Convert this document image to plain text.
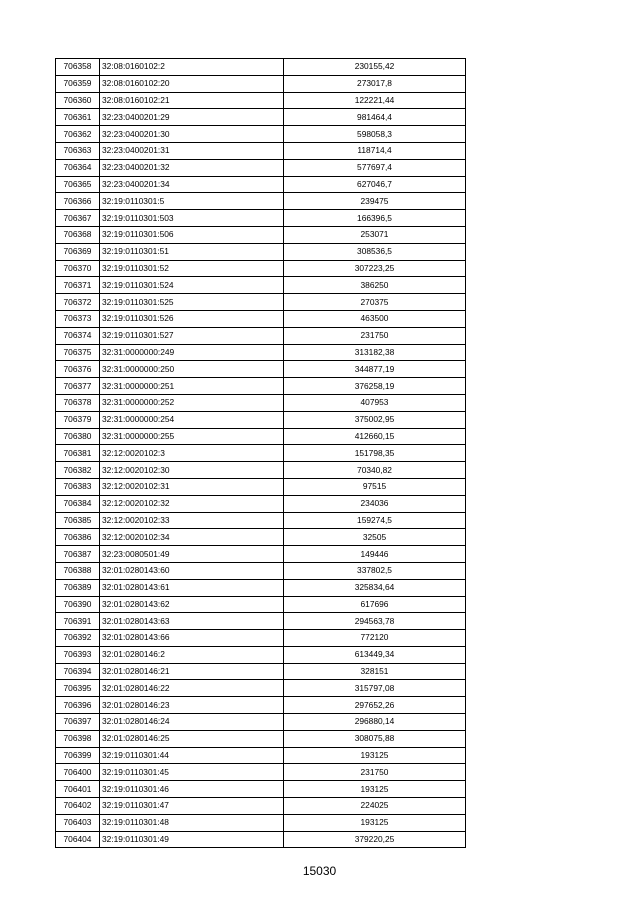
706358	32:08:0160102:2	230155,42
706359	32:08:0160102:20	273017,8
706360	32:08:0160102:21	122221,44
706361	32:23:0400201:29	981464,4
706362	32:23:0400201:30	598058,3
706363	32:23:0400201:31	118714,4
706364	32:23:0400201:32	577697,4
706365	32:23:0400201:34	627046,7
706366	32:19:0110301:5	239475
706367	32:19:0110301:503	166396,5
706368	32:19:0110301:506	253071
706369	32:19:0110301:51	308536,5
706370	32:19:0110301:52	307223,25
706371	32:19:0110301:524	386250
706372	32:19:0110301:525	270375
706373	32:19:0110301:526	463500
706374	32:19:0110301:527	231750
706375	32:31:0000000:249	313182,38
706376	32:31:0000000:250	344877,19
706377	32:31:0000000:251	376258,19
706378	32:31:0000000:252	407953
706379	32:31:0000000:254	375002,95
706380	32:31:0000000:255	412660,15
706381	32:12:0020102:3	151798,35
706382	32:12:0020102:30	70340,82
706383	32:12:0020102:31	97515
706384	32:12:0020102:32	234036
706385	32:12:0020102:33	159274,5
706386	32:12:0020102:34	32505
706387	32:23:0080501:49	149446
706388	32:01:0280143:60	337802,5
706389	32:01:0280143:61	325834,64
706390	32:01:0280143:62	617696
706391	32:01:0280143:63	294563,78
706392	32:01:0280143:66	772120
706393	32:01:0280146:2	613449,34
706394	32:01:0280146:21	328151
706395	32:01:0280146:22	315797,08
706396	32:01:0280146:23	297652,26
706397	32:01:0280146:24	296880,14
706398	32:01:0280146:25	308075,88
706399	32:19:0110301:44	193125
706400	32:19:0110301:45	231750
706401	32:19:0110301:46	193125
706402	32:19:0110301:47	224025
706403	32:19:0110301:48	193125
706404	32:19:0110301:49	379220,25
15030
